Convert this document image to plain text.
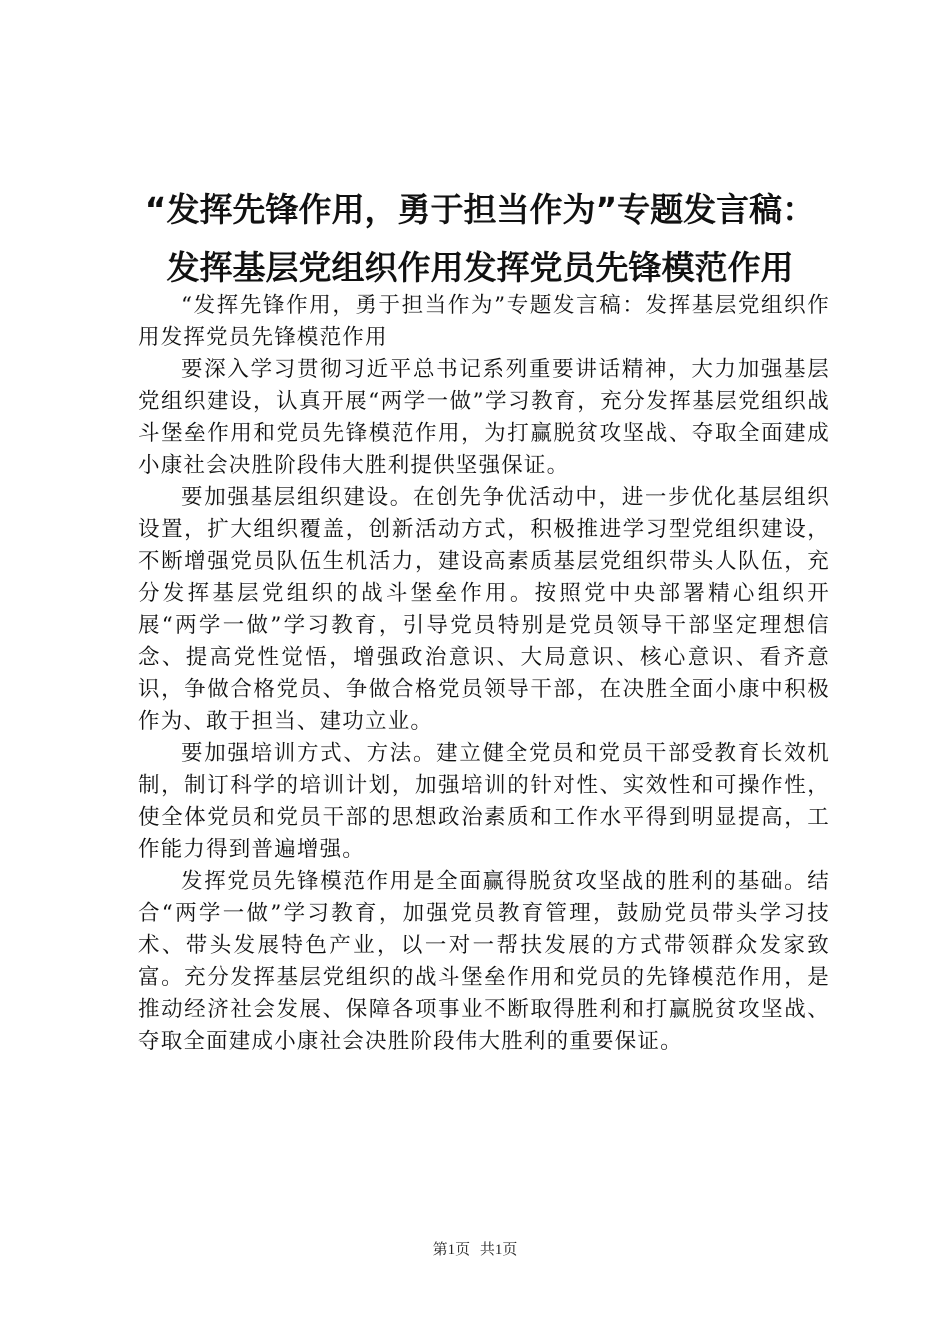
“发挥先锋作用，勇于担当作为”专题发言稿：
发挥基层党组织作用发挥党员先锋模范作用

“发挥先锋作用，勇于担当作为”专题发言稿：发挥基层党组织作用发挥党员先锋模范作用

要深入学习贯彻习近平总书记系列重要讲话精神，大力加强基层党组织建设，认真开展“两学一做”学习教育，充分发挥基层党组织战斗堡垒作用和党员先锋模范作用，为打赢脱贫攻坚战、夺取全面建成小康社会决胜阶段伟大胜利提供坚强保证。

要加强基层组织建设。在创先争优活动中，进一步优化基层组织设置，扩大组织覆盖，创新活动方式，积极推进学习型党组织建设，不断增强党员队伍生机活力，建设高素质基层党组织带头人队伍，充分发挥基层党组织的战斗堡垒作用。按照党中央部署精心组织开展“两学一做”学习教育，引导党员特别是党员领导干部坚定理想信念、提高党性觉悟，增强政治意识、大局意识、核心意识、看齐意识，争做合格党员、争做合格党员领导干部，在决胜全面小康中积极作为、敢于担当、建功立业。

要加强培训方式、方法。建立健全党员和党员干部受教育长效机制，制订科学的培训计划，加强培训的针对性、实效性和可操作性，使全体党员和党员干部的思想政治素质和工作水平得到明显提高，工作能力得到普遍增强。

发挥党员先锋模范作用是全面赢得脱贫攻坚战的胜利的基础。结合“两学一做”学习教育，加强党员教育管理，鼓励党员带头学习技术、带头发展特色产业，以一对一帮扶发展的方式带领群众发家致富。充分发挥基层党组织的战斗堡垒作用和党员的先锋模范作用，是推动经济社会发展、保障各项事业不断取得胜利和打赢脱贫攻坚战、夺取全面建成小康社会决胜阶段伟大胜利的重要保证。

第1页 共1页
